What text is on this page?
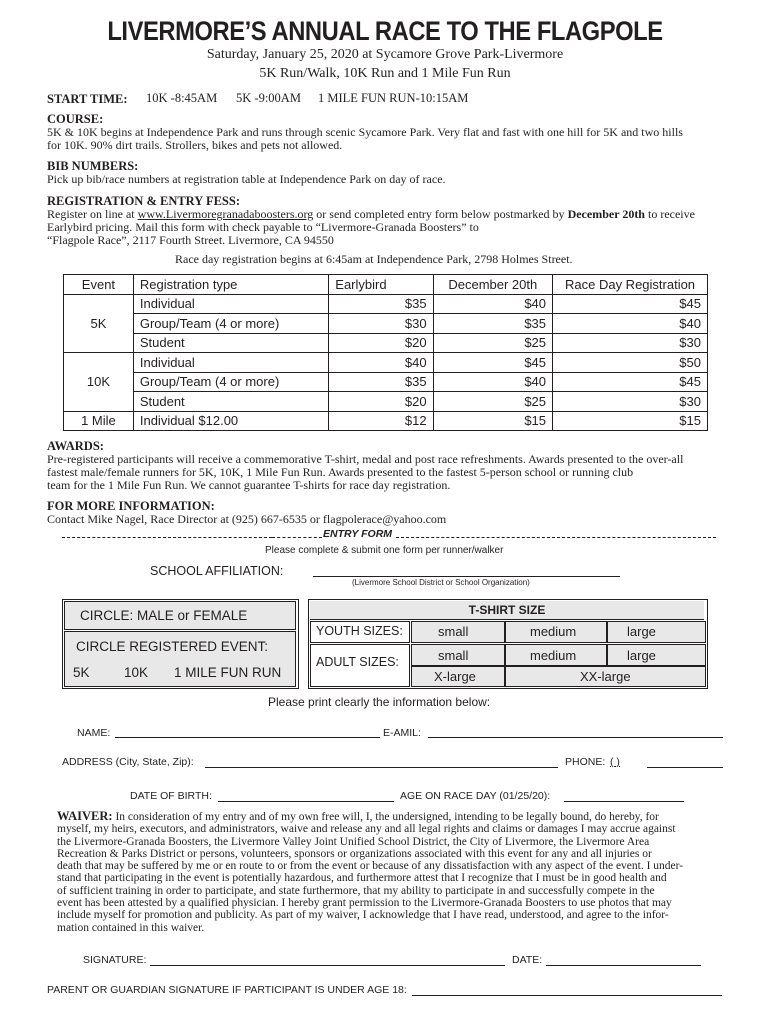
LIVERMORE’S ANNUAL RACE TO THE FLAGPOLE
Saturday, January 25, 2020 at Sycamore Grove Park-Livermore
5K Run/Walk, 10K Run and 1 Mile Fun Run
START TIME: 10K -8:45AM 5K -9:00AM 1 MILE FUN RUN-10:15AM
COURSE:
5K & 10K begins at Independence Park and runs through scenic Sycamore Park. Very flat and fast with one hill for 5K and two hills
for 10K. 90% dirt trails. Strollers, bikes and pets not allowed.
BIB NUMBERS:
Pick up bib/race numbers at registration table at Independence Park on day of race.
REGISTRATION & ENTRY FESS:
Register on line at www.Livermoregranadaboosters.org or send completed entry form below postmarked by December 20th to receive
Earlybird pricing. Mail this form with check payable to “Livermore-Granada Boosters” to
“Flagpole Race”, 2117 Fourth Street. Livermore, CA 94550
Race day registration begins at 6:45am at Independence Park, 2798 Holmes Street.
Event	Registration type	Earlybird	December 20th	Race Day Registration
5K	Individual	$35	$40	$45
	Group/Team (4 or more)	$30	$35	$40
	Student	$20	$25	$30
10K	Individual	$40	$45	$50
	Group/Team (4 or more)	$35	$40	$45
	Student	$20	$25	$30
1 Mile	Individual $12.00	$12	$15	$15
AWARDS:
Pre-registered participants will receive a commemorative T-shirt, medal and post race refreshments. Awards presented to the over-all
fastest male/female runners for 5K, 10K, 1 Mile Fun Run. Awards presented to the fastest 5-person school or running club
team for the 1 Mile Fun Run. We cannot guarantee T-shirts for race day registration.
FOR MORE INFORMATION:
Contact Mike Nagel, Race Director at (925) 667-6535 or flagpolerace@yahoo.com
ENTRY FORM
Please complete & submit one form per runner/walker
SCHOOL AFFILIATION:
(Livermore School District or School Organization)
CIRCLE: MALE or FEMALE
CIRCLE REGISTERED EVENT:
5K	10K 1 MILE FUN RUN
T-SHIRT SIZE
YOUTH SIZES:	small	medium	large
ADULT SIZES:	small	medium	large
X-large	XX-large
Please print clearly the information below:
NAME:	E-AMIL:
ADDRESS (City, State, Zip):	PHONE: ( )
DATE OF BIRTH:	AGE ON RACE DAY (01/25/20):
WAIVER: In consideration of my entry and of my own free will, I, the undersigned, intending to be legally bound, do hereby, for
myself, my heirs, executors, and administrators, waive and release any and all legal rights and claims or damages I may accrue against
the Livermore-Granada Boosters, the Livermore Valley Joint Unified School District, the City of Livermore, the Livermore Area
Recreation & Parks District or persons, volunteers, sponsors or organizations associated with this event for any and all injuries or
death that may be suffered by me or en route to or from the event or because of any dissatisfaction with any aspect of the event. I under-
stand that participating in the event is potentially hazardous, and furthermore attest that I recognize that I must be in good health and
of sufficient training in order to participate, and state furthermore, that my ability to participate in and successfully compete in the
event has been attested by a qualified physician. I hereby grant permission to the Livermore-Granada Boosters to use photos that may
include myself for promotion and publicity. As part of my waiver, I acknowledge that I have read, understood, and agree to the infor-
mation contained in this waiver.
SIGNATURE:	DATE:
PARENT OR GUARDIAN SIGNATURE IF PARTICIPANT IS UNDER AGE 18:
